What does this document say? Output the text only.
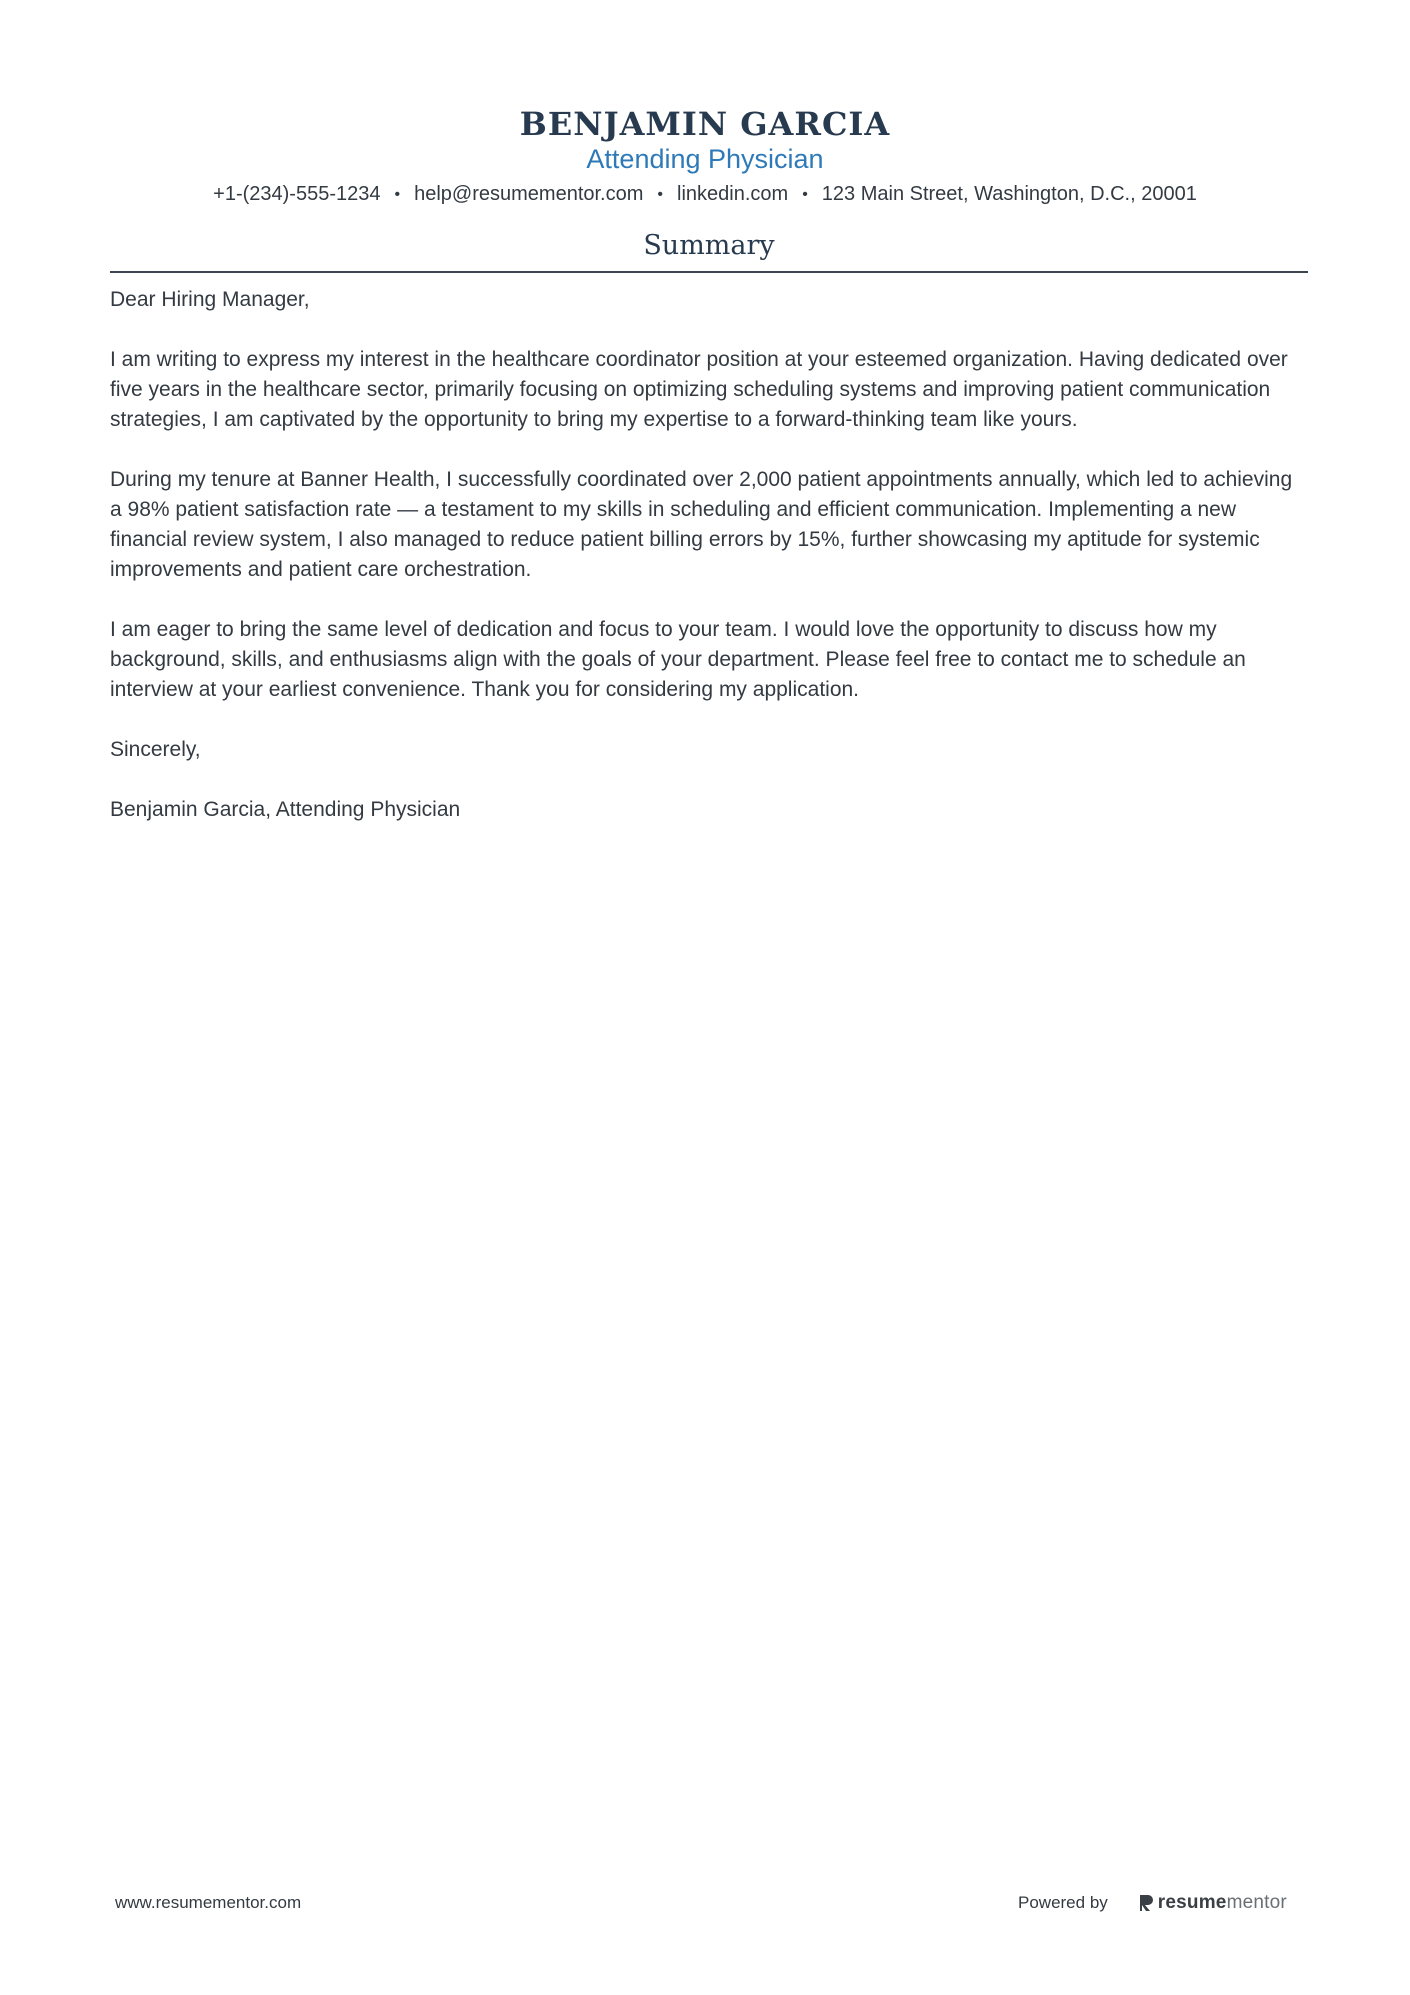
BENJAMIN GARCIA
Attending Physician
+1-(234)-555-1234 • help@resumementor.com • linkedin.com • 123 Main Street, Washington, D.C., 20001
Summary

Dear Hiring Manager,

I am writing to express my interest in the healthcare coordinator position at your esteemed organization. Having dedicated over five years in the healthcare sector, primarily focusing on optimizing scheduling systems and improving patient communication strategies, I am captivated by the opportunity to bring my expertise to a forward-thinking team like yours.

During my tenure at Banner Health, I successfully coordinated over 2,000 patient appointments annually, which led to achieving a 98% patient satisfaction rate — a testament to my skills in scheduling and efficient communication. Implementing a new financial review system, I also managed to reduce patient billing errors by 15%, further showcasing my aptitude for systemic improvements and patient care orchestration.

I am eager to bring the same level of dedication and focus to your team. I would love the opportunity to discuss how my background, skills, and enthusiasms align with the goals of your department. Please feel free to contact me to schedule an interview at your earliest convenience. Thank you for considering my application.

Sincerely,

Benjamin Garcia, Attending Physician

www.resumementor.com	Powered by	resume mentor
